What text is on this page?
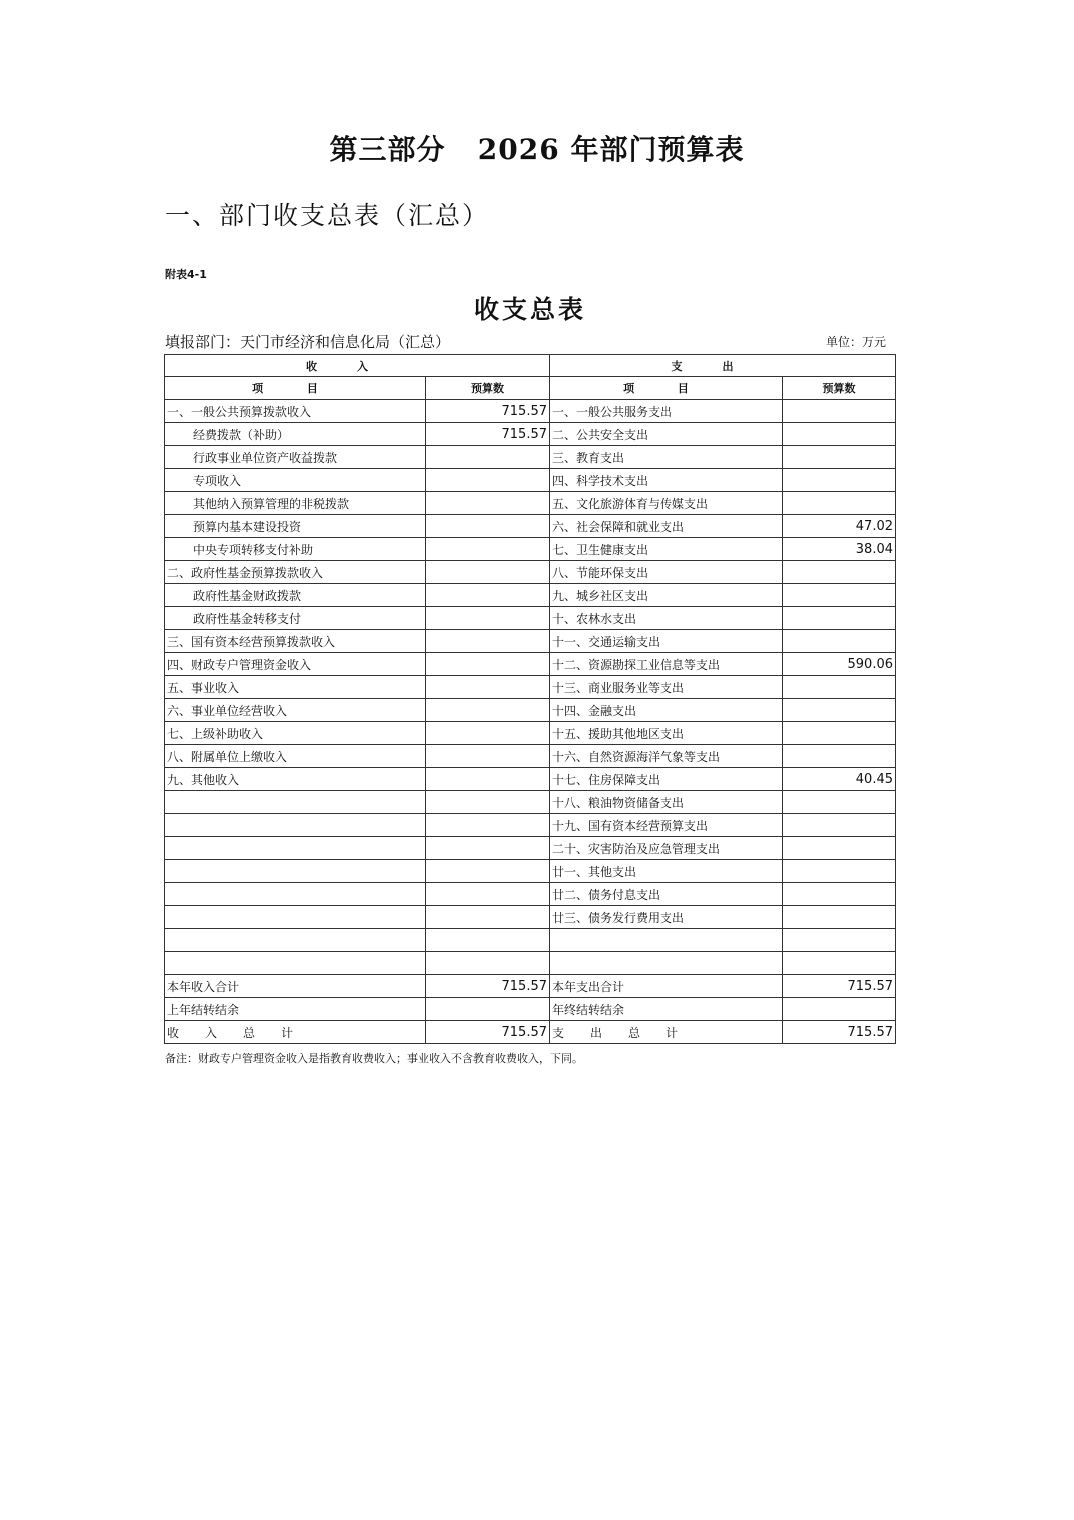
第三部分   2026 年部门预算表
一、部门收支总表（汇总）
附表4-1
收支总表
填报部门：天门市经济和信息化局（汇总）	单位：万元
收入		支出	
项 目	预算数	项 目	预算数
一、一般公共预算拨款收入	715.57	一、一般公共服务支出	
经费拨款（补助）	715.57	二、公共安全支出	
行政事业单位资产收益拨款		三、教育支出	
专项收入		四、科学技术支出	
其他纳入预算管理的非税拨款		五、文化旅游体育与传媒支出	
预算内基本建设投资		六、社会保障和就业支出	47.02
中央专项转移支付补助		七、卫生健康支出	38.04
二、政府性基金预算拨款收入		八、节能环保支出	
政府性基金财政拨款		九、城乡社区支出	
政府性基金转移支付		十、农林水支出	
三、国有资本经营预算拨款收入		十一、交通运输支出	
四、财政专户管理资金收入		十二、资源勘探工业信息等支出	590.06
五、事业收入		十三、商业服务业等支出	
六、事业单位经营收入		十四、金融支出	
七、上级补助收入		十五、援助其他地区支出	
八、附属单位上缴收入		十六、自然资源海洋气象等支出	
九、其他收入		十七、住房保障支出	40.45
		十八、粮油物资储备支出	
		十九、国有资本经营预算支出	
		二十、灾害防治及应急管理支出	
		廿一、其他支出	
		廿二、债务付息支出	
		廿三、债务发行费用支出	

本年收入合计	715.57	本年支出合计	715.57
上年结转结余		年终结转结余	
收入总计	715.57	支出总计	715.57
备注：财政专户管理资金收入是指教育收费收入；事业收入不含教育收费收入，下同。
